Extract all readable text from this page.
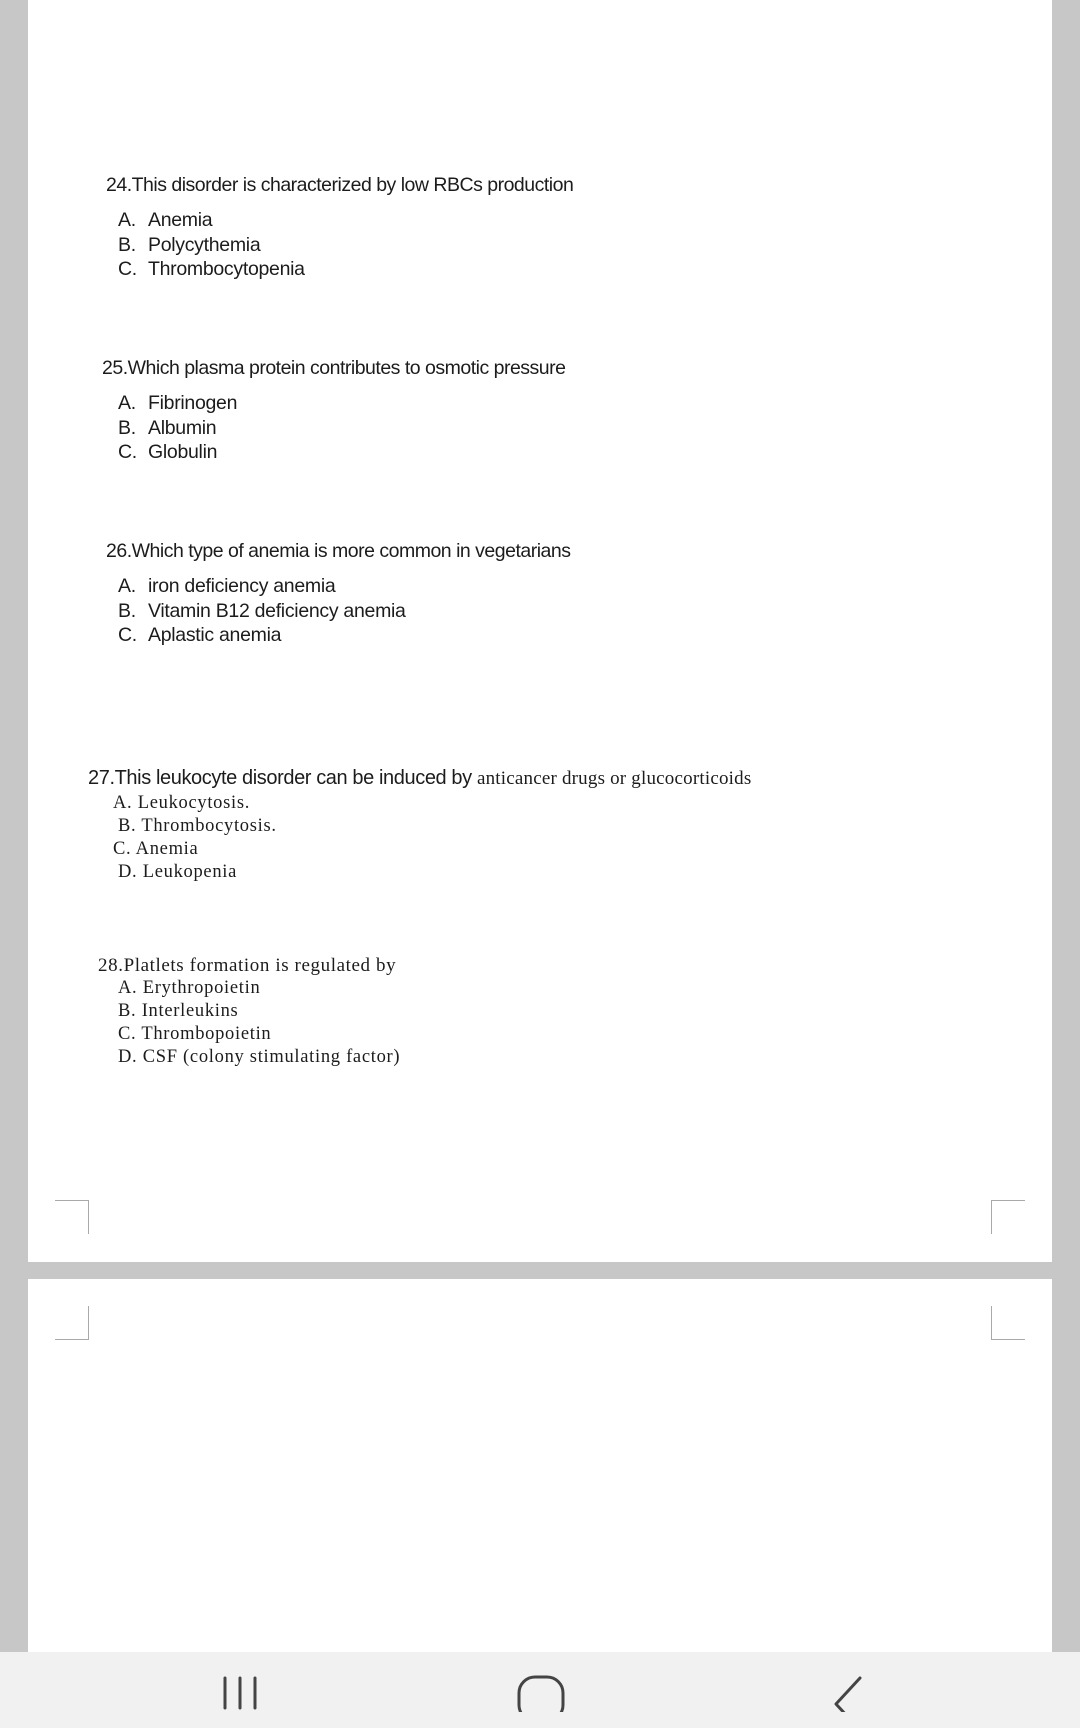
24.This disorder is characterized by low RBCs production
A. Anemia
B. Polycythemia
C. Thrombocytopenia
25.Which plasma protein contributes to osmotic pressure
A. Fibrinogen
B. Albumin
C. Globulin
26.Which type of anemia is more common in vegetarians
A. iron deficiency anemia
B. Vitamin B12 deficiency anemia
C. Aplastic anemia
27.This leukocyte disorder can be induced by anticancer drugs or glucocorticoids
A. Leukocytosis.
B. Thrombocytosis.
C. Anemia
D. Leukopenia
28.Platlets formation is regulated by
A. Erythropoietin
B. Interleukins
C. Thrombopoietin
D. CSF (colony stimulating factor)
